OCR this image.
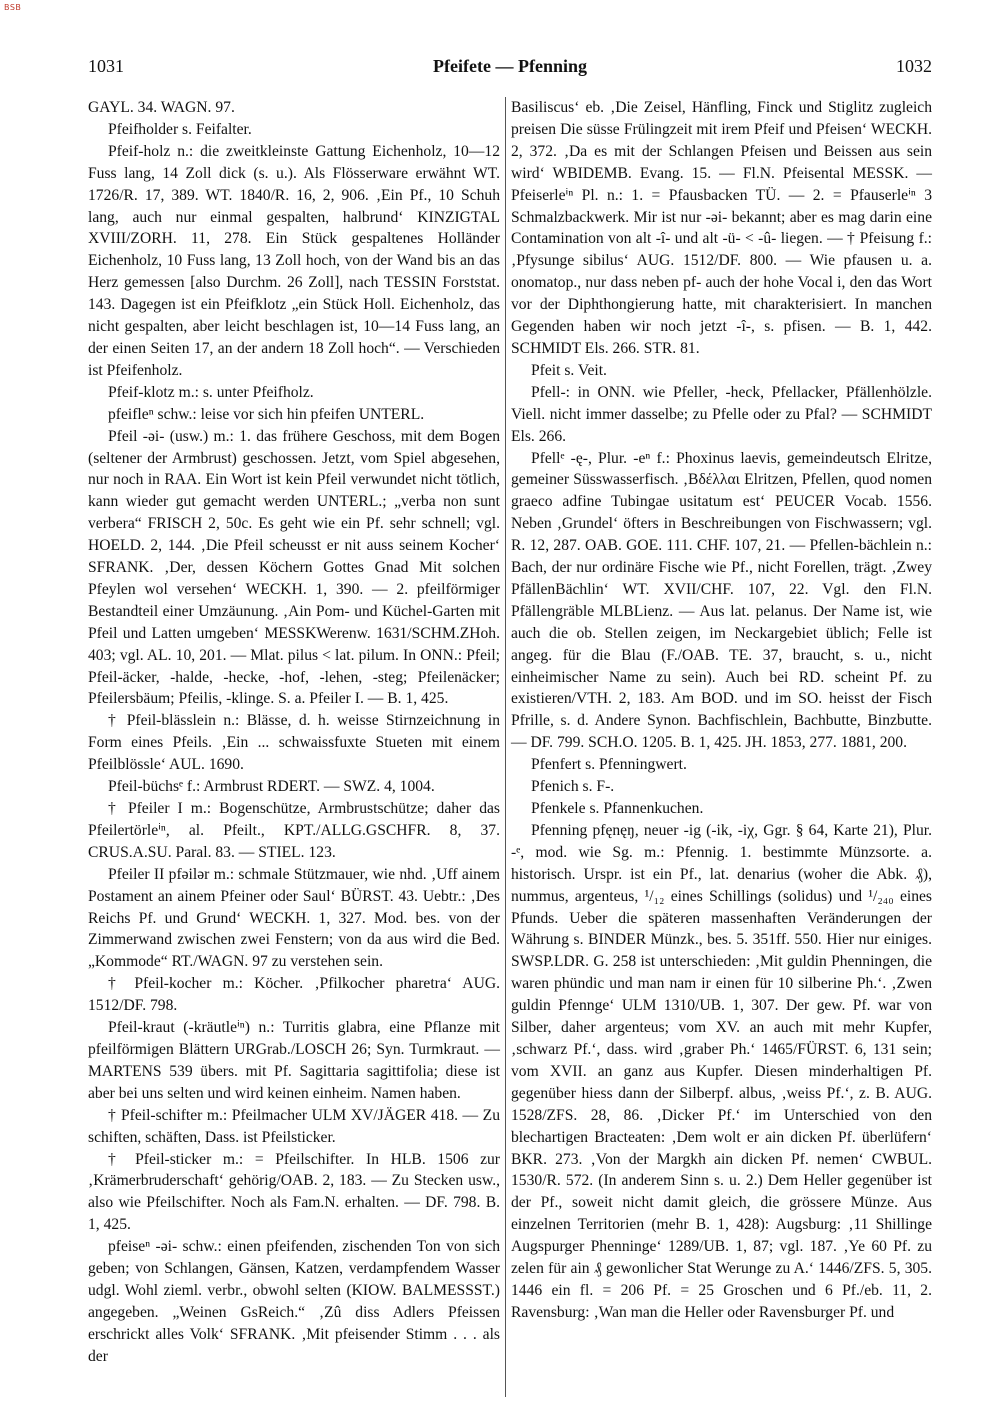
BSB
1031	Pfeifete — Pfenning	1032

GAYL. 34. WAGN. 97.

Pfeifholder s. Feifalter.

Pfeif-holz n.: die zweitkleinste Gattung Eichenholz, 10—12 Fuss lang, 14 Zoll dick (s. u.). Als Flösserware erwähnt WT. 1726/R. 17, 389. WT. 1840/R. 16, 2, 906. ‚Ein Pf., 10 Schuh lang, auch nur einmal gespalten, halbrund‘ KINZIGTAL XVIII/ZORH. 11, 278. Ein Stück gespaltenes Holländer Eichenholz, 10 Fuss lang, 13 Zoll hoch, von der Wand bis an das Herz gemessen [also Durchm. 26 Zoll], nach TESSIN Forststat. 143. Dagegen ist ein Pfeifklotz „ein Stück Holl. Eichenholz, das nicht gespalten, aber leicht beschlagen ist, 10—14 Fuss lang, an der einen Seiten 17, an der andern 18 Zoll hoch“. — Verschieden ist Pfeifenholz.

Pfeif-klotz m.: s. unter Pfeifholz.

pfeifleⁿ schw.: leise vor sich hin pfeifen UNTERL.

Pfeil -əi- (usw.) m.: 1. das frühere Geschoss, mit dem Bogen (seltener der Armbrust) geschossen. Jetzt, vom Spiel abgesehen, nur noch in RAA. Ein Wort ist kein Pfeil verwundet nicht tötlich, kann wieder gut gemacht werden UNTERL.; „verba non sunt verbera“ FRISCH 2, 50c. Es geht wie ein Pf. sehr schnell; vgl. HOELD. 2, 144. ‚Die Pfeil scheusst er nit auss seinem Kocher‘ SFRANK. ‚Der, dessen Köchern Gottes Gnad Mit solchen Pfeylen wol versehen‘ WECKH. 1, 390. — 2. pfeilförmiger Bestandteil einer Umzäunung. ‚Ain Pom- und Küchel-Garten mit Pfeil und Latten umgeben‘ MESSKWerenw. 1631/SCHM.ZHoh. 403; vgl. AL. 10, 201. — Mlat. pilus < lat. pilum. In ONN.: Pfeil; Pfeil-äcker, -halde, -hecke, -hof, -lehen, -steg; Pfeilenäcker; Pfeilersbäum; Pfeilis, -klinge. S. a. Pfeiler I. — B. 1, 425.

† Pfeil-blässlein n.: Blässe, d. h. weisse Stirnzeichnung in Form eines Pfeils. ‚Ein ... schwaissfuxte Stueten mit einem Pfeilblössle‘ AUL. 1690.

Pfeil-büchsᵉ f.: Armbrust RDERT. — SWZ. 4, 1004.

† Pfeiler I m.: Bogenschütze, Armbrustschütze; daher das Pfeilertörleⁱⁿ, al. Pfeilt., KPT./ALLG.GSCHFR. 8, 37. CRUS.A.SU. Paral. 83. — STIEL. 123.

Pfeiler II pfəilər m.: schmale Stützmauer, wie nhd. ‚Uff ainem Postament an ainem Pfeiner oder Saul‘ BÜRST. 43. Uebtr.: ‚Des Reichs Pf. und Grund‘ WECKH. 1, 327. Mod. bes. von der Zimmerwand zwischen zwei Fenstern; von da aus wird die Bed. „Kommode“ RT./WAGN. 97 zu verstehen sein.

† Pfeil-kocher m.: Köcher. ‚Pfilkocher pharetra‘ AUG. 1512/DF. 798.

Pfeil-kraut (-kräutleⁱⁿ) n.: Turritis glabra, eine Pflanze mit pfeilförmigen Blättern URGrab./LOSCH 26; Syn. Turmkraut. — MARTENS 539 übers. mit Pf. Sagittaria sagittifolia; diese ist aber bei uns selten und wird keinen einheim. Namen haben.

† Pfeil-schifter m.: Pfeilmacher ULM XV/JÄGER 418. — Zu schiften, schäften, Dass. ist Pfeilsticker.

† Pfeil-sticker m.: = Pfeilschifter. In HLB. 1506 zur ‚Krämerbruderschaft‘ gehörig/OAB. 2, 183. — Zu Stecken usw., also wie Pfeilschifter. Noch als Fam.N. erhalten. — DF. 798. B. 1, 425.

pfeiseⁿ -əi- schw.: einen pfeifenden, zischenden Ton von sich geben; von Schlangen, Gänsen, Katzen, verdampfendem Wasser udgl. Wohl zieml. verbr., obwohl selten (KIOW. BALMESSST.) angegeben. „Weinen GsReich.“ ‚Zû diss Adlers Pfeissen erschrickt alles Volk‘ SFRANK. ‚Mit pfeisender Stimm . . . als der

Basiliscus‘ eb. ‚Die Zeisel, Hänfling, Finck und Stiglitz zugleich preisen Die süsse Frülingzeit mit irem Pfeif und Pfeisen‘ WECKH. 2, 372. ‚Da es mit der Schlangen Pfeisen und Beissen aus sein wird‘ WBIDEMB. Evang. 15. — Fl.N. Pfeisental MESSK. — Pfeiserleⁱⁿ Pl. n.: 1. = Pfausbacken TÜ. — 2. = Pfauserleⁱⁿ 3 Schmalzbackwerk. Mir ist nur -əi- bekannt; aber es mag darin eine Contamination von alt -î- und alt -ü- < -û- liegen. — † Pfeisung f.: ‚Pfysunge sibilus‘ AUG. 1512/DF. 800. — Wie pfausen u. a. onomatop., nur dass neben pf- auch der hohe Vocal i, den das Wort vor der Diphthongierung hatte, mit charakterisiert. In manchen Gegenden haben wir noch jetzt -î-, s. pfisen. — B. 1, 442. SCHMIDT Els. 266. STR. 81.

Pfeit s. Veit.

Pfell-: in ONN. wie Pfeller, -heck, Pfellacker, Pfällenhölzle. Viell. nicht immer dasselbe; zu Pfelle oder zu Pfal? — SCHMIDT Els. 266.

Pfellᵉ -ę-, Plur. -eⁿ f.: Phoxinus laevis, gemeindeutsch Elritze, gemeiner Süsswasserfisch. ‚Βδέλλαι Elritzen, Pfellen, quod nomen graeco adfine Tubingae usitatum est‘ PEUCER Vocab. 1556. Neben ‚Grundel‘ öfters in Beschreibungen von Fischwassern; vgl. R. 12, 287. OAB. GOE. 111. CHF. 107, 21. — Pfellen-bächlein n.: Bach, der nur ordinäre Fische wie Pf., nicht Forellen, trägt. ‚Zwey PfällenBächlin‘ WT. XVII/CHF. 107, 22. Vgl. den Fl.N. Pfällengräble MLBLienz. — Aus lat. pelanus. Der Name ist, wie auch die ob. Stellen zeigen, im Neckargebiet üblich; Felle ist angeg. für die Blau (F./OAB. TE. 37, braucht, s. u., nicht einheimischer Name zu sein). Auch bei RD. scheint Pf. zu existieren/VTH. 2, 183. Am BOD. und im SO. heisst der Fisch Pfrille, s. d. Andere Synon. Bachfischlein, Bachbutte, Binzbutte. — DF. 799. SCH.O. 1205. B. 1, 425. JH. 1853, 277. 1881, 200.

Pfenfert s. Pfenningwert.

Pfenich s. F-.

Pfenkele s. Pfannenkuchen.

Pfenning pfęnęŋ, neuer -ig (-ik, -iχ, Ggr. § 64, Karte 21), Plur. -ᵉ, mod. wie Sg. m.: Pfennig. 1. bestimmte Münzsorte. a. historisch. Urspr. ist ein Pf., lat. denarius (woher die Abk. ₰), nummus, argenteus, ¹/₁₂ eines Schillings (solidus) und ¹/₂₄₀ eines Pfunds. Ueber die späteren massenhaften Veränderungen der Währung s. BINDER Münzk., bes. 5. 351ff. 550. Hier nur einiges. SWSP.LDR. G. 258 ist unterschieden: ‚Mit guldin Phenningen, die waren phündic und man nam ir einen für 10 silberine Ph.‘. ‚Zwen guldin Pfennge‘ ULM 1310/UB. 1, 307. Der gew. Pf. war von Silber, daher argenteus; vom XV. an auch mit mehr Kupfer, ‚schwarz Pf.‘, dass. wird ‚graber Ph.‘ 1465/FÜRST. 6, 131 sein; vom XVII. an ganz aus Kupfer. Diesen minderhaltigen Pf. gegenüber hiess dann der Silberpf. albus, ‚weiss Pf.‘, z. B. AUG. 1528/ZFS. 28, 86. ‚Dicker Pf.‘ im Unterschied von den blechartigen Bracteaten: ‚Dem wolt er ain dicken Pf. überlüfern‘ BKR. 273. ‚Von der Margkh ain dicken Pf. nemen‘ CWBUL. 1530/R. 572. (In anderem Sinn s. u. 2.) Dem Heller gegenüber ist der Pf., soweit nicht damit gleich, die grössere Münze. Aus einzelnen Territorien (mehr B. 1, 428): Augsburg: ‚11 Shillinge Augspurger Phenninge‘ 1289/UB. 1, 87; vgl. 187. ‚Ye 60 Pf. zu zelen für ain ₰ gewonlicher Stat Werunge zu A.‘ 1446/ZFS. 5, 305. 1446 ein fl. = 206 Pf. = 25 Groschen und 6 Pf./eb. 11, 2. Ravensburg: ‚Wan man die Heller oder Ravensburger Pf. und
